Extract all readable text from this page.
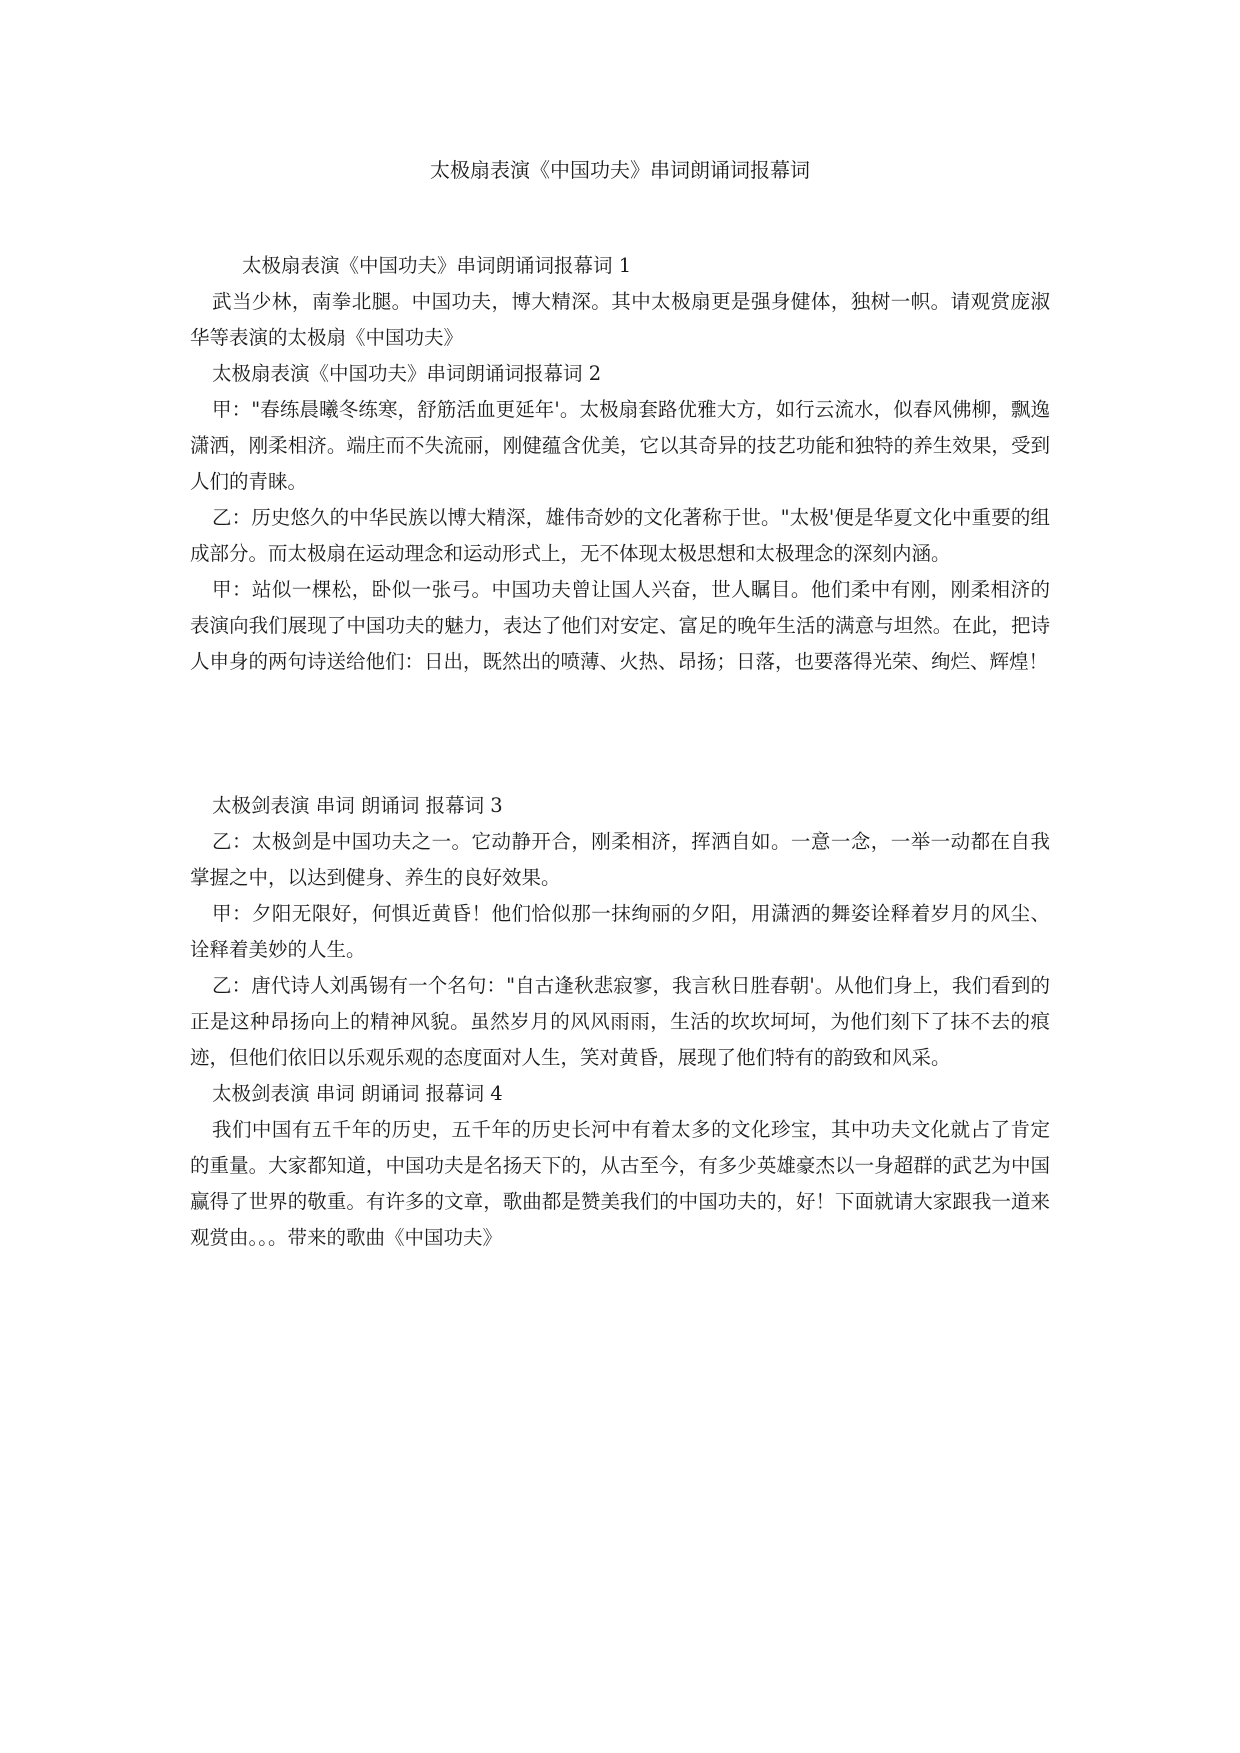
太极扇表演《中国功夫》串词朗诵词报幕词

太极扇表演《中国功夫》串词朗诵词报幕词 1

武当少林，南拳北腿。中国功夫，博大精深。其中太极扇更是强身健体，独树一帜。请观赏庞淑华等表演的太极扇《中国功夫》

太极扇表演《中国功夫》串词朗诵词报幕词 2

甲："春练晨曦冬练寒，舒筋活血更延年'。太极扇套路优雅大方，如行云流水，似春风佛柳，飘逸潇洒，刚柔相济。端庄而不失流丽，刚健蕴含优美，它以其奇异的技艺功能和独特的养生效果，受到人们的青睐。

乙：历史悠久的中华民族以博大精深，雄伟奇妙的文化著称于世。"太极'便是华夏文化中重要的组成部分。而太极扇在运动理念和运动形式上，无不体现太极思想和太极理念的深刻内涵。

甲：站似一棵松，卧似一张弓。中国功夫曾让国人兴奋，世人瞩目。他们柔中有刚，刚柔相济的表演向我们展现了中国功夫的魅力，表达了他们对安定、富足的晚年生活的满意与坦然。在此，把诗人申身的两句诗送给他们：日出，既然出的喷薄、火热、昂扬；日落，也要落得光荣、绚烂、辉煌！

太极剑表演 串词 朗诵词 报幕词 3

乙：太极剑是中国功夫之一。它动静开合，刚柔相济，挥洒自如。一意一念，一举一动都在自我掌握之中，以达到健身、养生的良好效果。

甲：夕阳无限好，何惧近黄昏！他们恰似那一抹绚丽的夕阳，用潇洒的舞姿诠释着岁月的风尘、诠释着美妙的人生。

乙：唐代诗人刘禹锡有一个名句："自古逢秋悲寂寥，我言秋日胜春朝'。从他们身上，我们看到的正是这种昂扬向上的精神风貌。虽然岁月的风风雨雨，生活的坎坎坷坷，为他们刻下了抹不去的痕迹，但他们依旧以乐观乐观的态度面对人生，笑对黄昏，展现了他们特有的韵致和风采。

太极剑表演 串词 朗诵词 报幕词 4

我们中国有五千年的历史，五千年的历史长河中有着太多的文化珍宝，其中功夫文化就占了肯定的重量。大家都知道，中国功夫是名扬天下的，从古至今，有多少英雄豪杰以一身超群的武艺为中国赢得了世界的敬重。有许多的文章，歌曲都是赞美我们的中国功夫的，好！下面就请大家跟我一道来观赏由。。。带来的歌曲《中国功夫》
